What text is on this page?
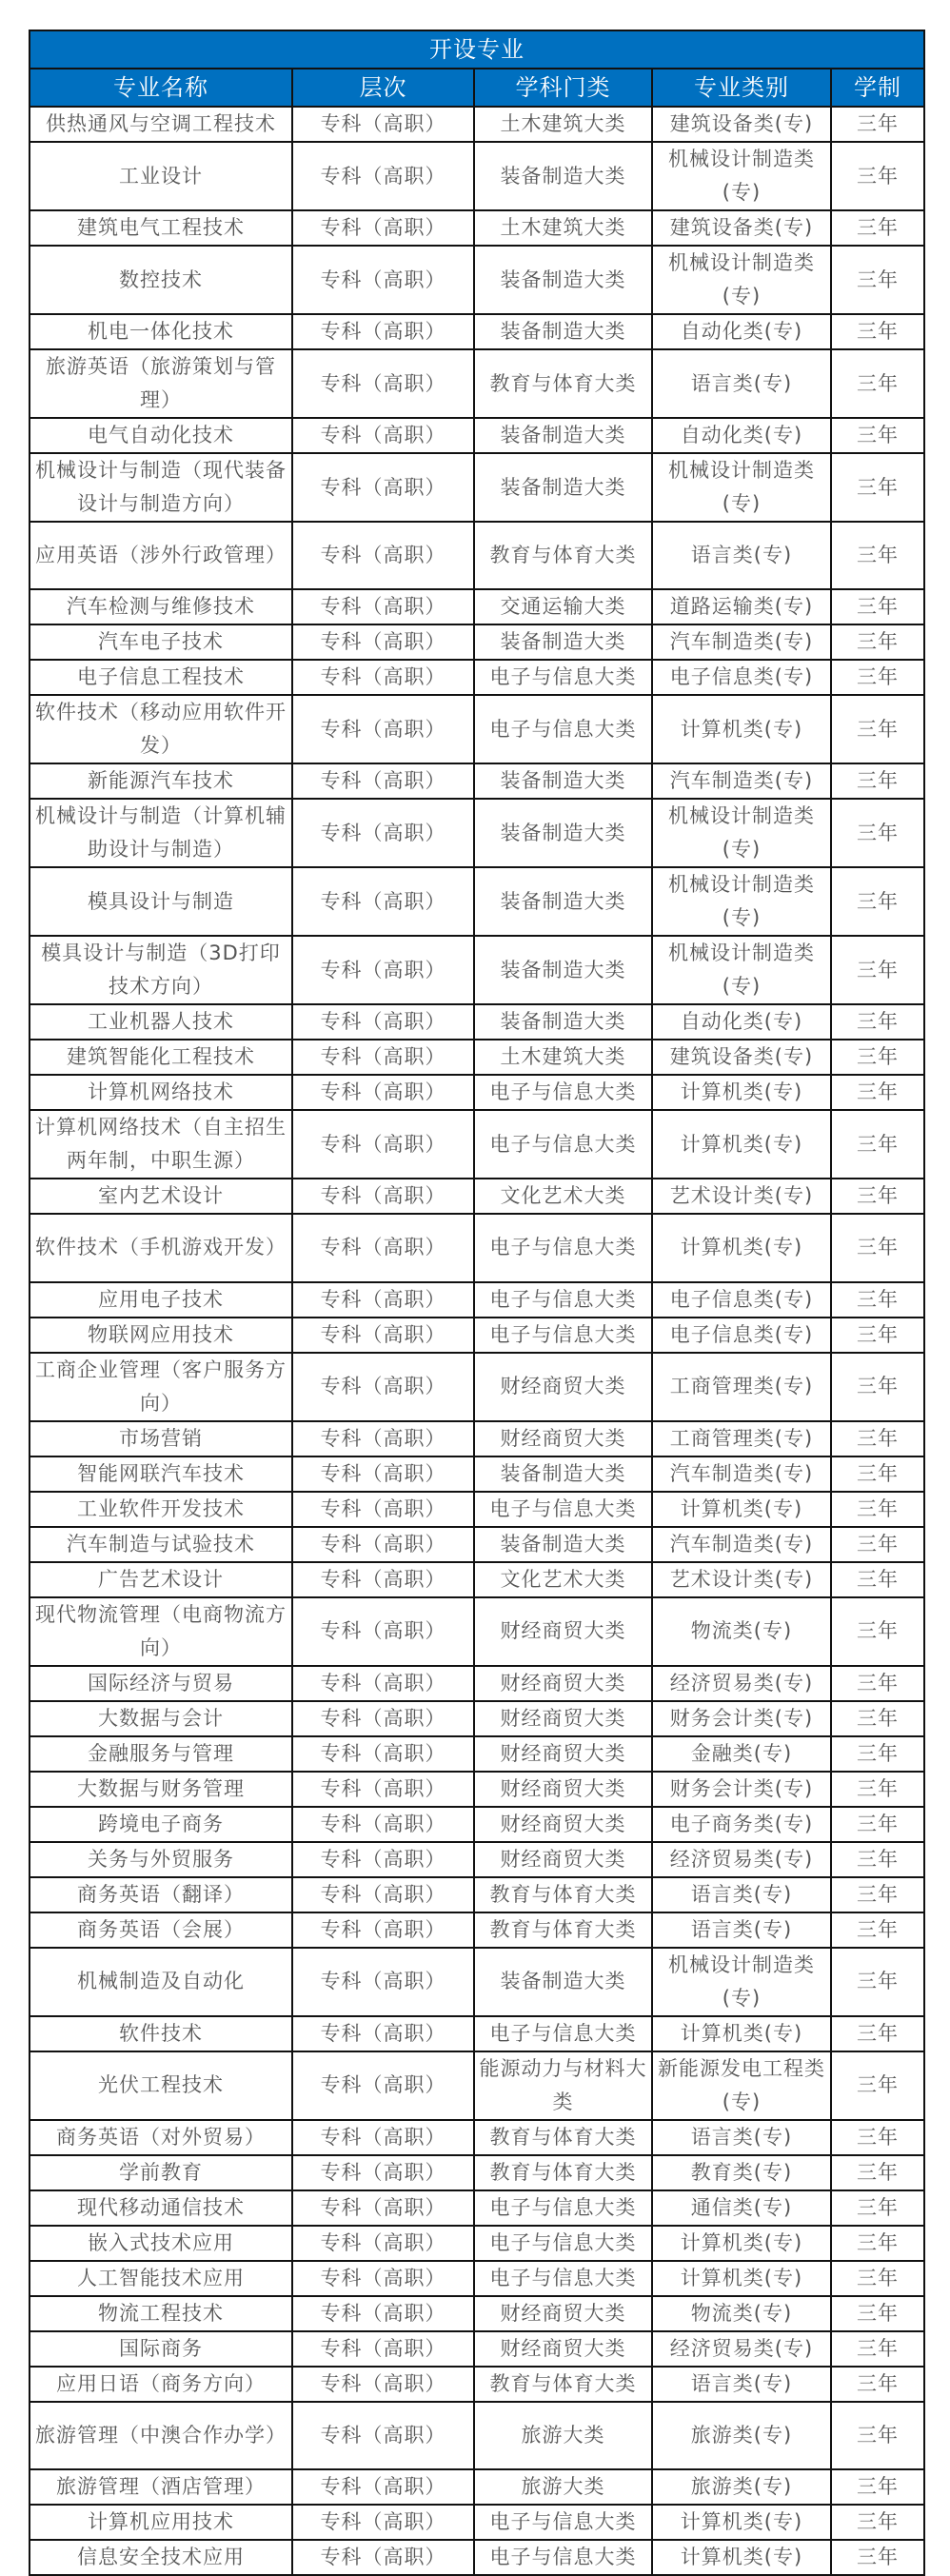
开设专业				
专业名称	层次	学科门类	专业类别	学制
供热通风与空调工程技术	专科（高职）	土木建筑大类	建筑设备类(专)	三年
工业设计	专科（高职）	装备制造大类	机械设计制造类(专)	三年
建筑电气工程技术	专科（高职）	土木建筑大类	建筑设备类(专)	三年
数控技术	专科（高职）	装备制造大类	机械设计制造类(专)	三年
机电一体化技术	专科（高职）	装备制造大类	自动化类(专)	三年
旅游英语（旅游策划与管理）	专科（高职）	教育与体育大类	语言类(专)	三年
电气自动化技术	专科（高职）	装备制造大类	自动化类(专)	三年
机械设计与制造（现代装备设计与制造方向）	专科（高职）	装备制造大类	机械设计制造类(专)	三年
应用英语（涉外行政管理）	专科（高职）	教育与体育大类	语言类(专)	三年
汽车检测与维修技术	专科（高职）	交通运输大类	道路运输类(专)	三年
汽车电子技术	专科（高职）	装备制造大类	汽车制造类(专)	三年
电子信息工程技术	专科（高职）	电子与信息大类	电子信息类(专)	三年
软件技术（移动应用软件开发）	专科（高职）	电子与信息大类	计算机类(专)	三年
新能源汽车技术	专科（高职）	装备制造大类	汽车制造类(专)	三年
机械设计与制造（计算机辅助设计与制造）	专科（高职）	装备制造大类	机械设计制造类(专)	三年
模具设计与制造	专科（高职）	装备制造大类	机械设计制造类(专)	三年
模具设计与制造（3D打印技术方向）	专科（高职）	装备制造大类	机械设计制造类(专)	三年
工业机器人技术	专科（高职）	装备制造大类	自动化类(专)	三年
建筑智能化工程技术	专科（高职）	土木建筑大类	建筑设备类(专)	三年
计算机网络技术	专科（高职）	电子与信息大类	计算机类(专)	三年
计算机网络技术（自主招生两年制，中职生源）	专科（高职）	电子与信息大类	计算机类(专)	三年
室内艺术设计	专科（高职）	文化艺术大类	艺术设计类(专)	三年
软件技术（手机游戏开发）	专科（高职）	电子与信息大类	计算机类(专)	三年
应用电子技术	专科（高职）	电子与信息大类	电子信息类(专)	三年
物联网应用技术	专科（高职）	电子与信息大类	电子信息类(专)	三年
工商企业管理（客户服务方向）	专科（高职）	财经商贸大类	工商管理类(专)	三年
市场营销	专科（高职）	财经商贸大类	工商管理类(专)	三年
智能网联汽车技术	专科（高职）	装备制造大类	汽车制造类(专)	三年
工业软件开发技术	专科（高职）	电子与信息大类	计算机类(专)	三年
汽车制造与试验技术	专科（高职）	装备制造大类	汽车制造类(专)	三年
广告艺术设计	专科（高职）	文化艺术大类	艺术设计类(专)	三年
现代物流管理（电商物流方向）	专科（高职）	财经商贸大类	物流类(专)	三年
国际经济与贸易	专科（高职）	财经商贸大类	经济贸易类(专)	三年
大数据与会计	专科（高职）	财经商贸大类	财务会计类(专)	三年
金融服务与管理	专科（高职）	财经商贸大类	金融类(专)	三年
大数据与财务管理	专科（高职）	财经商贸大类	财务会计类(专)	三年
跨境电子商务	专科（高职）	财经商贸大类	电子商务类(专)	三年
关务与外贸服务	专科（高职）	财经商贸大类	经济贸易类(专)	三年
商务英语（翻译）	专科（高职）	教育与体育大类	语言类(专)	三年
商务英语（会展）	专科（高职）	教育与体育大类	语言类(专)	三年
机械制造及自动化	专科（高职）	装备制造大类	机械设计制造类(专)	三年
软件技术	专科（高职）	电子与信息大类	计算机类(专)	三年
光伏工程技术	专科（高职）	能源动力与材料大类	新能源发电工程类(专)	三年
商务英语（对外贸易）	专科（高职）	教育与体育大类	语言类(专)	三年
学前教育	专科（高职）	教育与体育大类	教育类(专)	三年
现代移动通信技术	专科（高职）	电子与信息大类	通信类(专)	三年
嵌入式技术应用	专科（高职）	电子与信息大类	计算机类(专)	三年
人工智能技术应用	专科（高职）	电子与信息大类	计算机类(专)	三年
物流工程技术	专科（高职）	财经商贸大类	物流类(专)	三年
国际商务	专科（高职）	财经商贸大类	经济贸易类(专)	三年
应用日语（商务方向）	专科（高职）	教育与体育大类	语言类(专)	三年
旅游管理（中澳合作办学）	专科（高职）	旅游大类	旅游类(专)	三年
旅游管理（酒店管理）	专科（高职）	旅游大类	旅游类(专)	三年
计算机应用技术	专科（高职）	电子与信息大类	计算机类(专)	三年
信息安全技术应用	专科（高职）	电子与信息大类	计算机类(专)	三年
